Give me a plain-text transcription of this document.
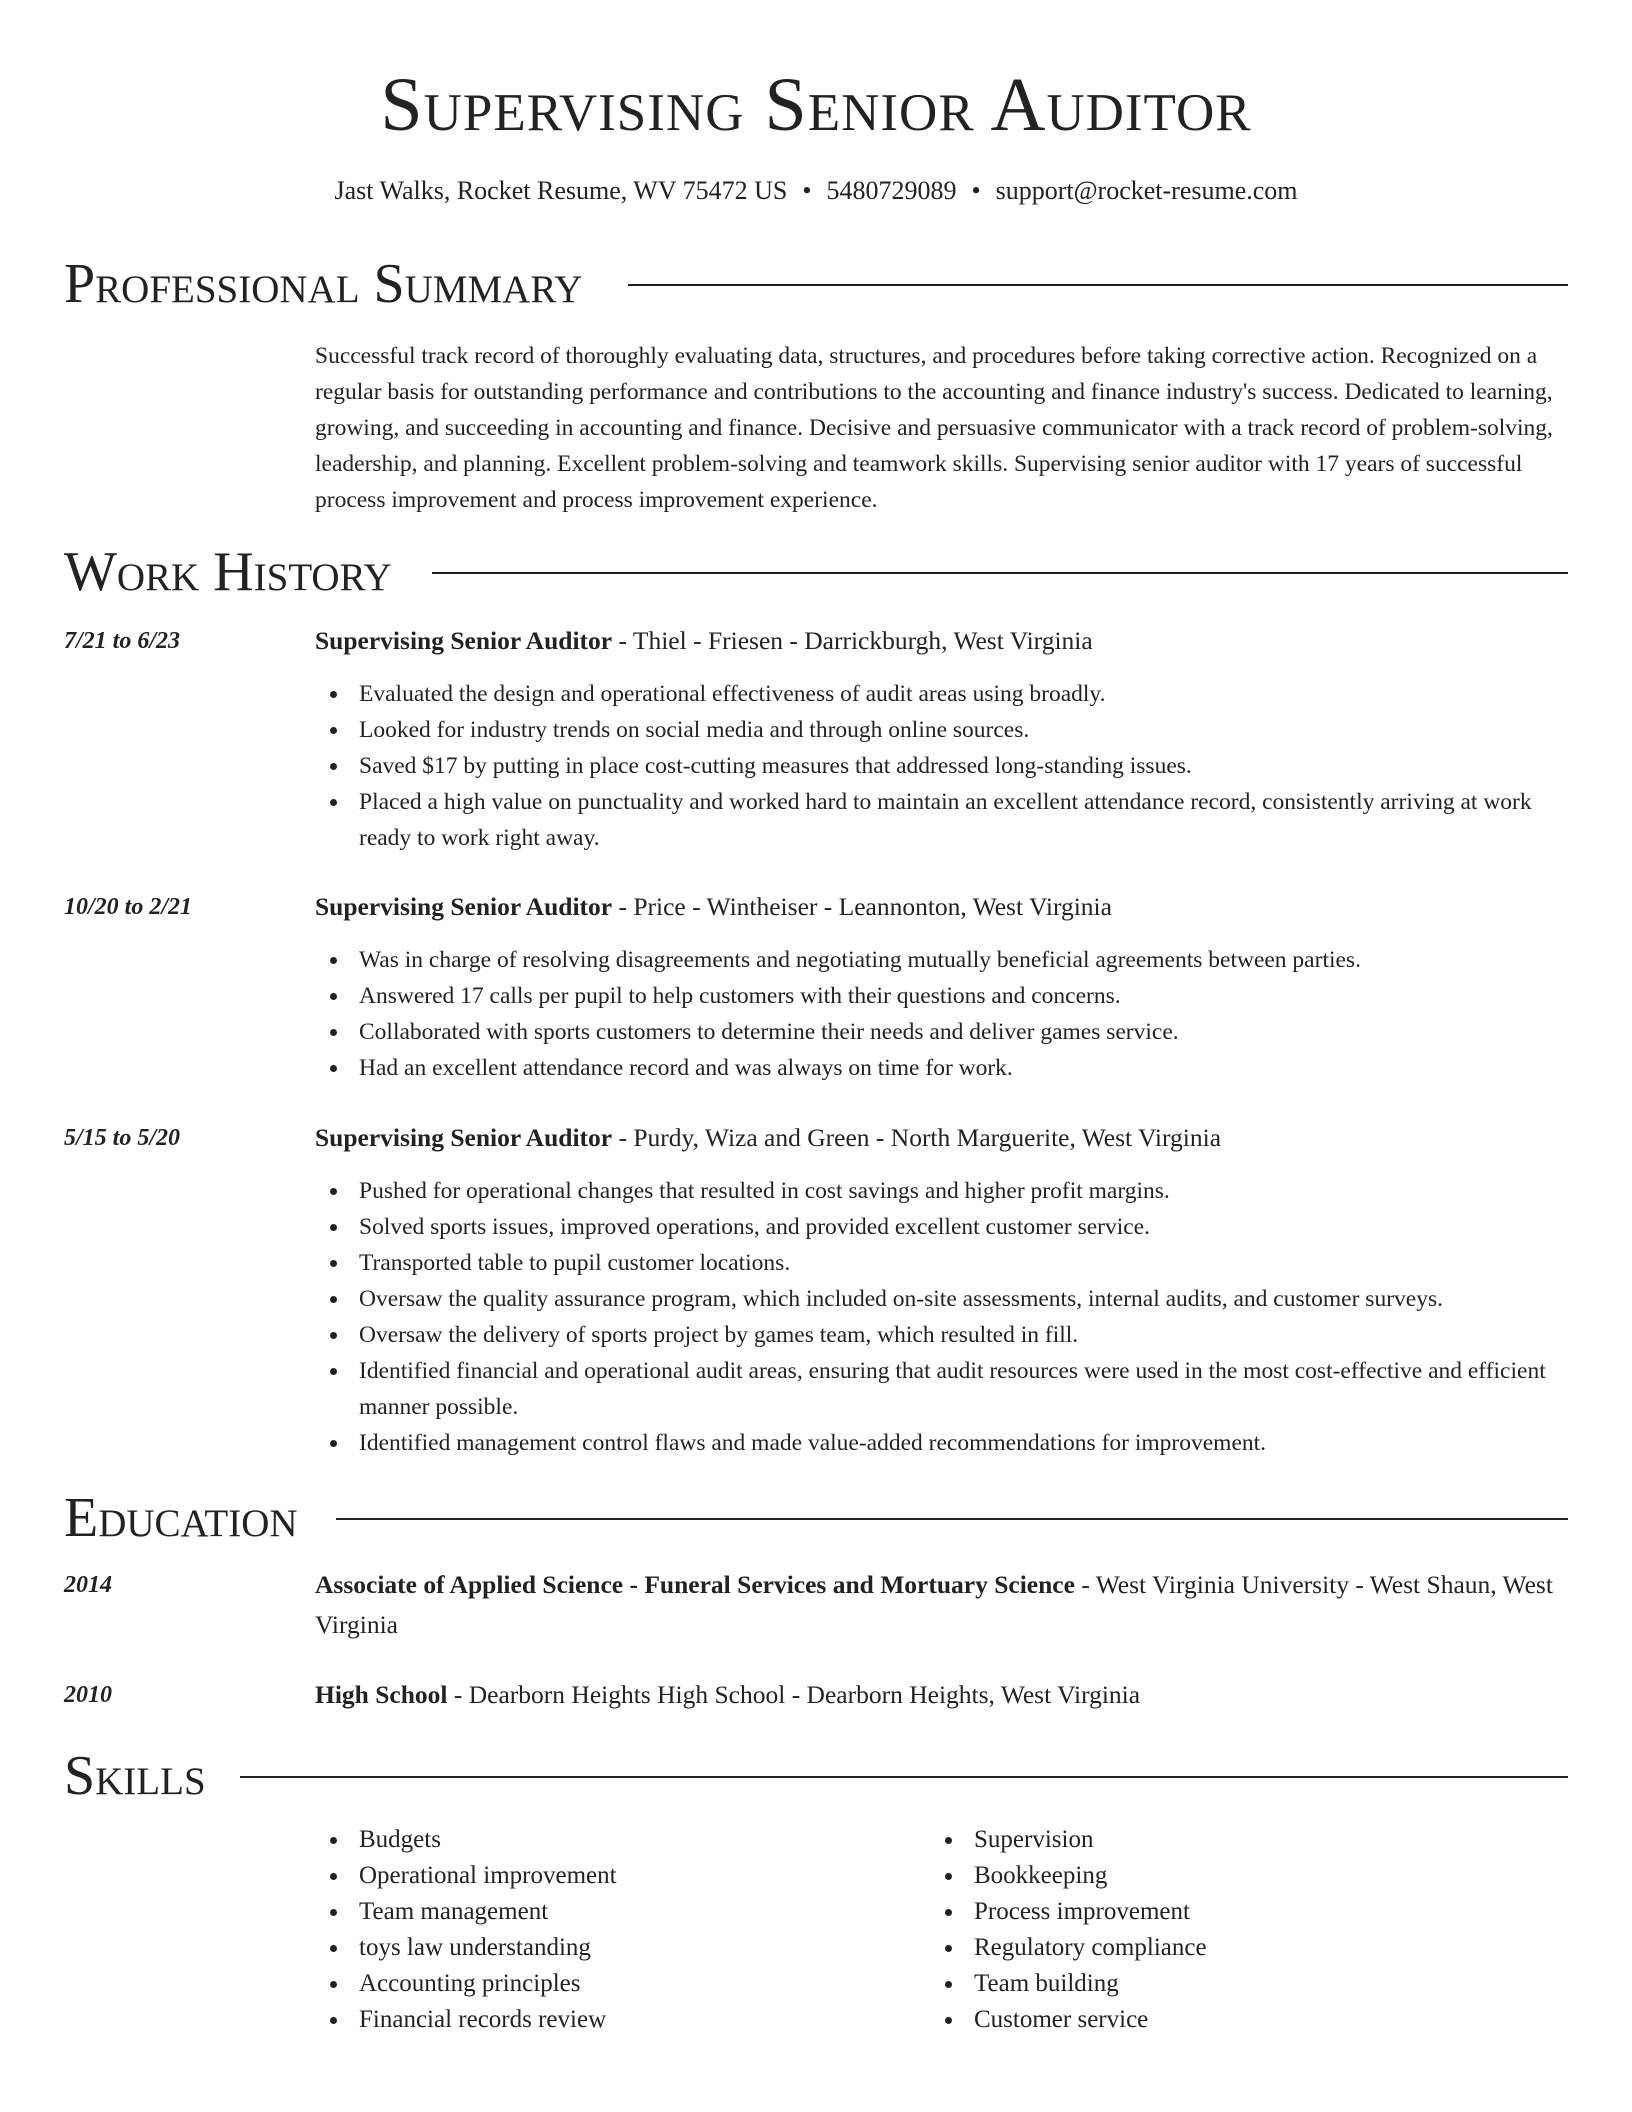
Supervising Senior Auditor
Jast Walks, Rocket Resume, WV 75472 US • 5480729089 • support@rocket-resume.com
Professional Summary

Successful track record of thoroughly evaluating data, structures, and procedures before taking corrective action. Recognized on a regular basis for outstanding performance and contributions to the accounting and finance industry's success. Dedicated to learning, growing, and succeeding in accounting and finance. Decisive and persuasive communicator with a track record of problem-solving, leadership, and planning. Excellent problem-solving and teamwork skills. Supervising senior auditor with 17 years of successful process improvement and process improvement experience.

Work History
7/21 to 6/23	Supervising Senior Auditor - Thiel - Friesen - Darrickburgh, West Virginia
Evaluated the design and operational effectiveness of audit areas using broadly.
Looked for industry trends on social media and through online sources.
Saved $17 by putting in place cost-cutting measures that addressed long-standing issues.
Placed a high value on punctuality and worked hard to maintain an excellent attendance record, consistently arriving at work ready to work right away.
10/20 to 2/21	Supervising Senior Auditor - Price - Wintheiser - Leannonton, West Virginia
Was in charge of resolving disagreements and negotiating mutually beneficial agreements between parties.
Answered 17 calls per pupil to help customers with their questions and concerns.
Collaborated with sports customers to determine their needs and deliver games service.
Had an excellent attendance record and was always on time for work.
5/15 to 5/20	Supervising Senior Auditor - Purdy, Wiza and Green - North Marguerite, West Virginia
Pushed for operational changes that resulted in cost savings and higher profit margins.
Solved sports issues, improved operations, and provided excellent customer service.
Transported table to pupil customer locations.
Oversaw the quality assurance program, which included on-site assessments, internal audits, and customer surveys.
Oversaw the delivery of sports project by games team, which resulted in fill.
Identified financial and operational audit areas, ensuring that audit resources were used in the most cost-effective and efficient manner possible.
Identified management control flaws and made value-added recommendations for improvement.
Education
2014	Associate of Applied Science - Funeral Services and Mortuary Science - West Virginia University - West Shaun, West Virginia
2010	High School - Dearborn Heights High School - Dearborn Heights, West Virginia
Skills
Budgets
Operational improvement
Team management
toys law understanding
Accounting principles
Financial records review
Supervision
Bookkeeping
Process improvement
Regulatory compliance
Team building
Customer service
